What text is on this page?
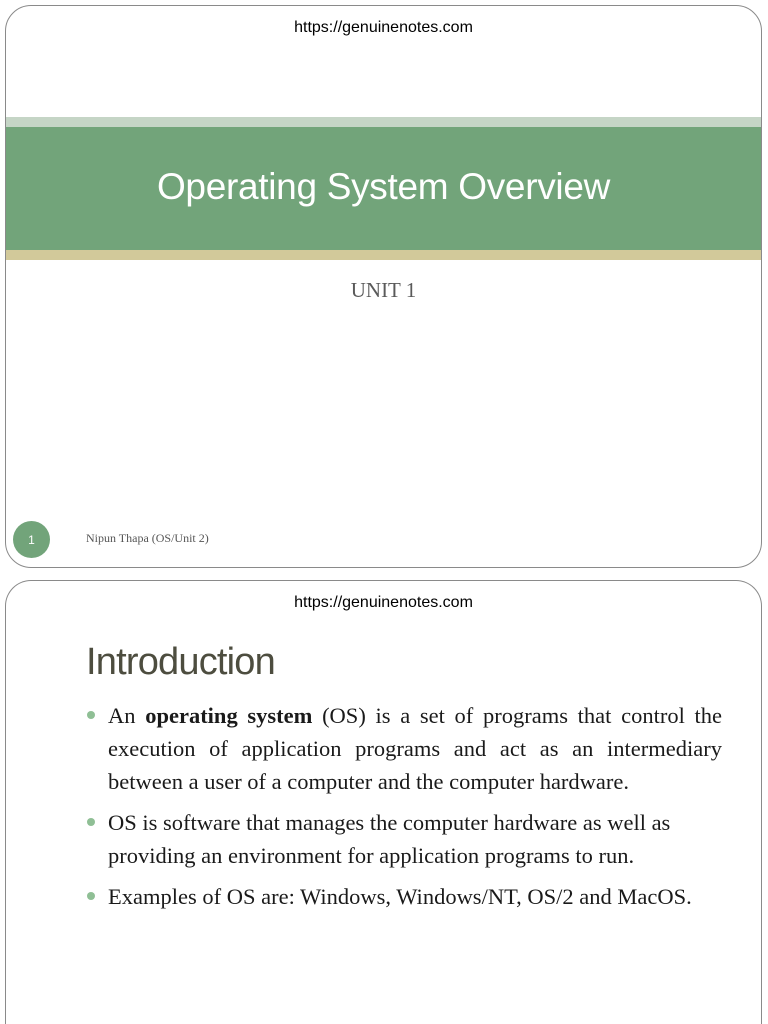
https://genuinenotes.com
Operating System Overview
UNIT 1
1	Nipun Thapa (OS/Unit 2)
https://genuinenotes.com
Introduction
An operating system (OS) is a set of programs that control the execution of application programs and act as an intermediary between a user of a computer and the computer hardware.
OS is software that manages the computer hardware as well as providing an environment for application programs to run.
Examples of OS are: Windows, Windows/NT, OS/2 and MacOS.
